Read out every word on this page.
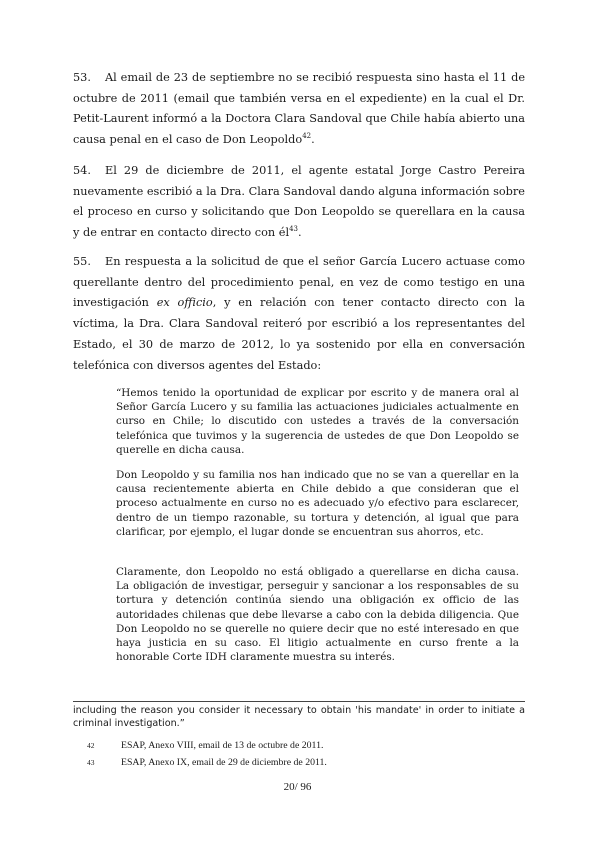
53. Al email de 23 de septiembre no se recibió respuesta sino hasta el 11 de octubre de 2011 (email que también versa en el expediente) en la cual el Dr. Petit-Laurent informó a la Doctora Clara Sandoval que Chile había abierto una causa penal en el caso de Don Leopoldo$^{42}$.
54. El 29 de diciembre de 2011, el agente estatal Jorge Castro Pereira nuevamente escribió a la Dra. Clara Sandoval dando alguna información sobre el proceso en curso y solicitando que Don Leopoldo se querellara en la causa y de entrar en contacto directo con $él^{43}$.
55. En respuesta a la solicitud de que el señor García Lucero actuase como querellante dentro del procedimiento penal, en vez de como testigo en una investigación ex officio, y en relación con tener contacto directo con la víctima, la Dra. Clara Sandoval reiteró por escribió a los representantes del Estado, el 30 de marzo de 2012, lo ya sostenido por ella en conversación telefónica con diversos agentes del Estado:

“Hemos tenido la oportunidad de explicar por escrito y de manera oral al Señor García Lucero y su familia las actuaciones judiciales actualmente en curso en Chile; lo discutido con ustedes a través de la conversación telefónica que tuvimos y la sugerencia de ustedes de que Don Leopoldo se querelle en dicha causa.

Don Leopoldo y su familia nos han indicado que no se van a querellar en la causa recientemente abierta en Chile debido a que consideran que el proceso actualmente en curso no es adecuado y/o efectivo para esclarecer, dentro de un tiempo razonable, su tortura y detención, al igual que para clarificar, por ejemplo, el lugar donde se encuentran sus ahorros, etc.

Claramente, don Leopoldo no está obligado a querellarse en dicha causa. La obligación de investigar, perseguir y sancionar a los responsables de su tortura y detención continúa siendo una obligación ex officio de las autoridades chilenas que debe llevarse a cabo con la debida diligencia. Que Don Leopoldo no se querelle no quiere decir que no esté interesado en que haya justicia en su caso. El litigio actualmente en curso frente a la honorable Corte IDH claramente muestra su interés.

including the reason you consider it necessary to obtain 'his mandate' in order to initiate a criminal investigation.”
42	ESAP, Anexo VIII, email de 13 de octubre de 2011.
43	ESAP, Anexo IX, email de 29 de diciembre de 2011.
20/ 96
